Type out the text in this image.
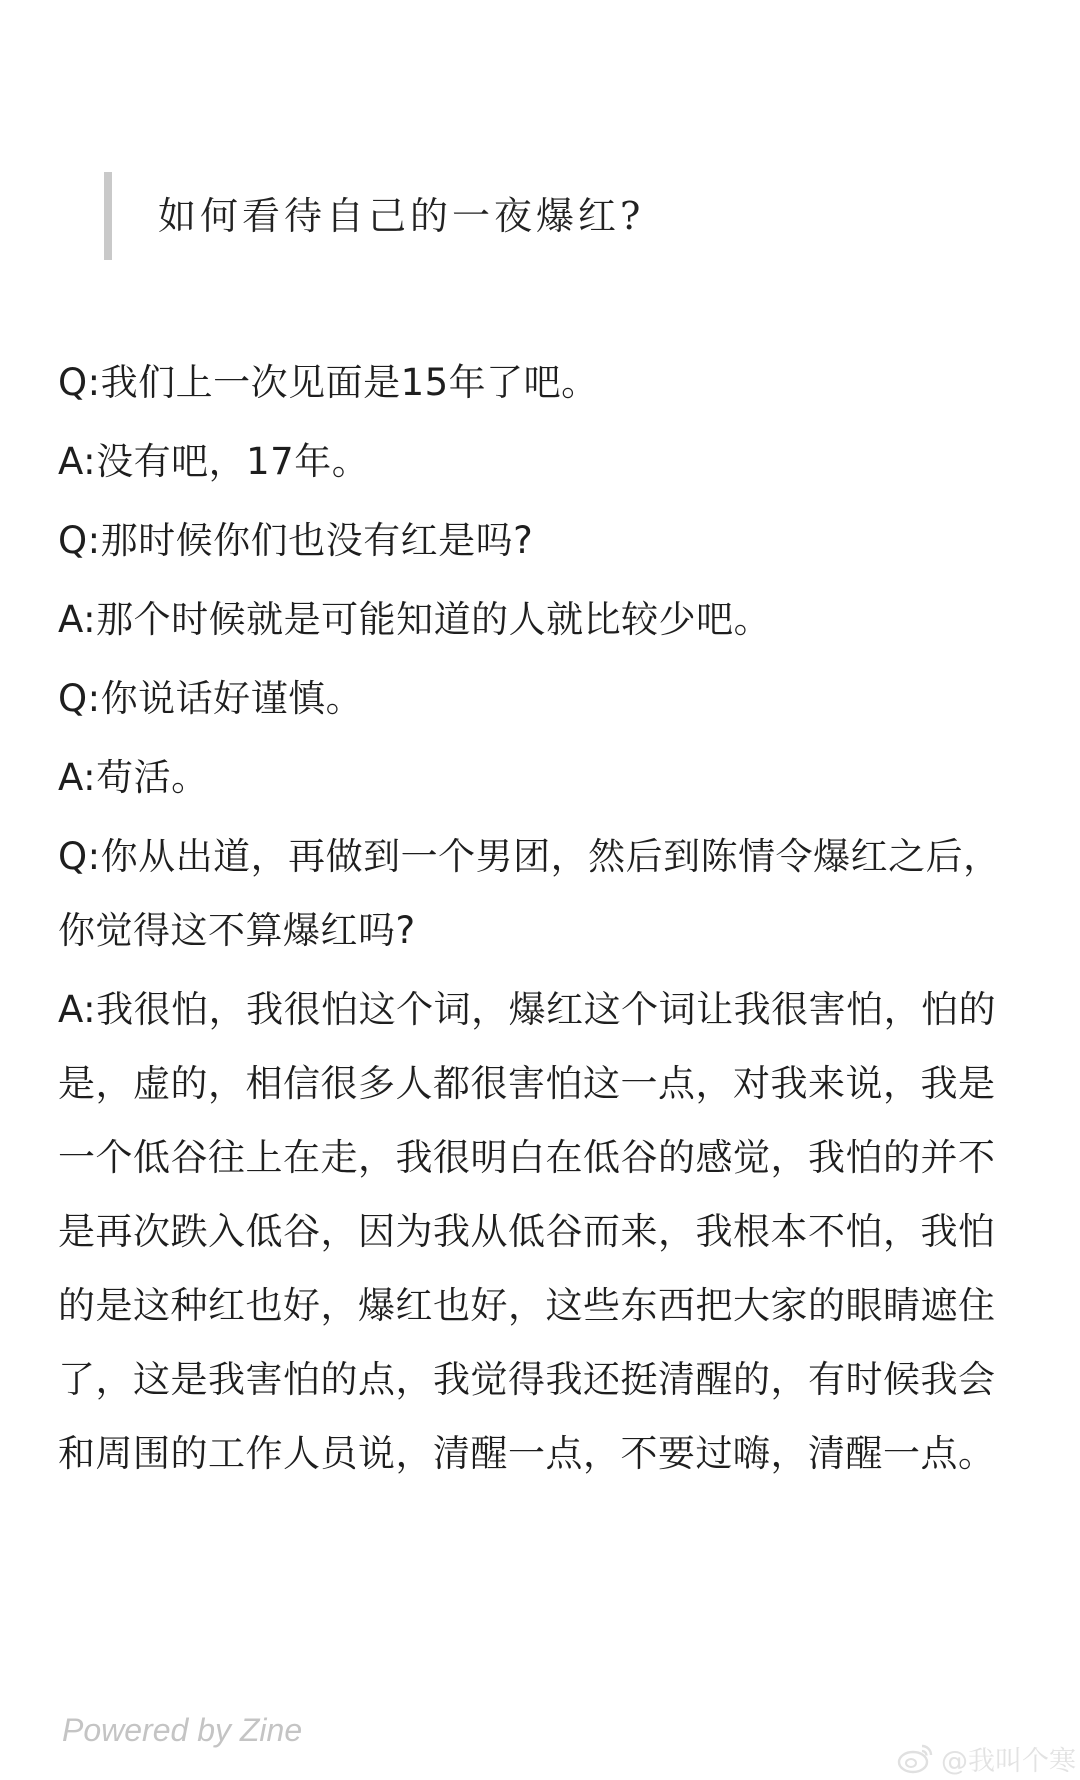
如何看待自己的一夜爆红?

Q:我们上一次见面是15年了吧。

A:没有吧，17年。

Q:那时候你们也没有红是吗?

A:那个时候就是可能知道的人就比较少吧。

Q:你说话好谨慎。

A:苟活。

Q:你从出道，再做到一个男团，然后到陈情令爆红之后，你觉得这不算爆红吗?

A:我很怕，我很怕这个词，爆红这个词让我很害怕，怕的是，虚的，相信很多人都很害怕这一点，对我来说，我是一个低谷往上在走，我很明白在低谷的感觉，我怕的并不是再次跌入低谷，因为我从低谷而来，我根本不怕，我怕的是这种红也好，爆红也好，这些东西把大家的眼睛遮住了，这是我害怕的点，我觉得我还挺清醒的，有时候我会和周围的工作人员说，清醒一点，不要过嗨，清醒一点。

Powered by Zine
@我叫个寒
